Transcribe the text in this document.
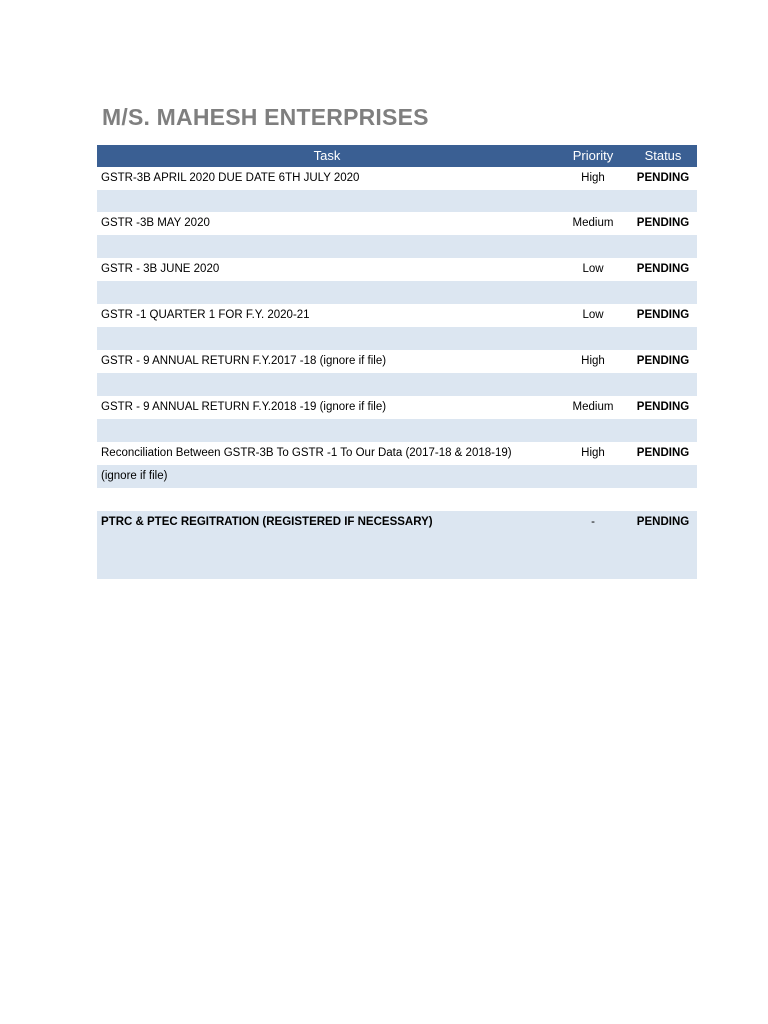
M/S. MAHESH ENTERPRISES
Task	Priority	Status
GSTR-3B APRIL 2020 DUE DATE 6TH JULY 2020	High	PENDING
GSTR -3B MAY 2020	Medium	PENDING
GSTR - 3B JUNE 2020	Low	PENDING
GSTR -1 QUARTER 1 FOR F.Y. 2020-21	Low	PENDING
GSTR - 9 ANNUAL RETURN F.Y.2017 -18 (ignore if file)	High	PENDING
GSTR - 9 ANNUAL RETURN F.Y.2018 -19 (ignore if file)	Medium	PENDING
Reconciliation Between GSTR-3B To GSTR -1 To Our Data (2017-18 & 2018-19)	High	PENDING
(ignore if file)
PTRC & PTEC REGITRATION (REGISTERED IF NECESSARY)	-	PENDING
